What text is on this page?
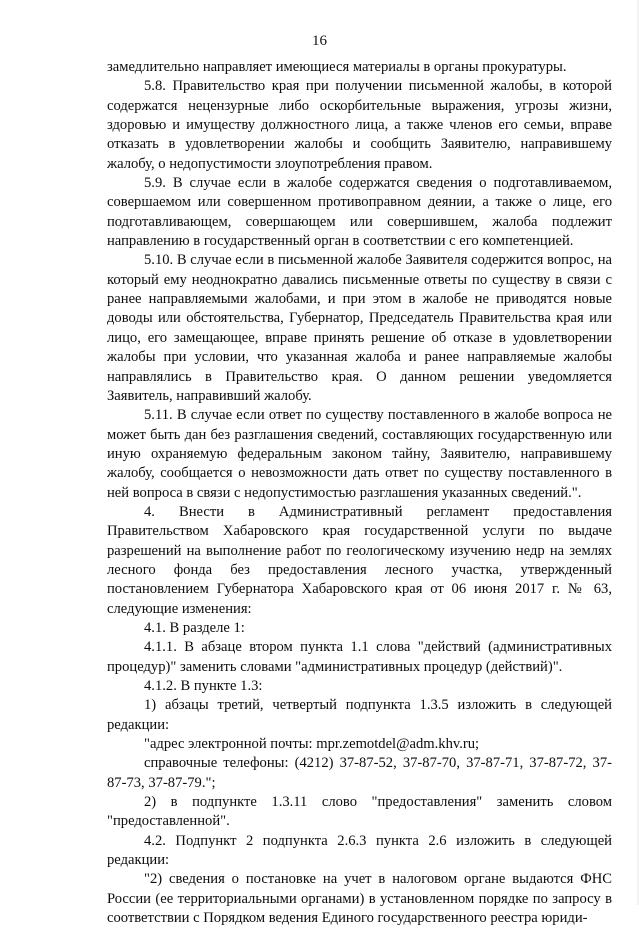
16

замедлительно направляет имеющиеся материалы в органы прокуратуры.

5.8. Правительство края при получении письменной жалобы, в которой содержатся нецензурные либо оскорбительные выражения, угрозы жизни, здоровью и имуществу должностного лица, а также членов его семьи, вправе отказать в удовлетворении жалобы и сообщить Заявителю, направившему жалобу, о недопустимости злоупотребления правом.

5.9. В случае если в жалобе содержатся сведения о подготавливаемом, совершаемом или совершенном противоправном деянии, а также о лице, его подготавливающем, совершающем или совершившем, жалоба подлежит направлению в государственный орган в соответствии с его компетенцией.

5.10. В случае если в письменной жалобе Заявителя содержится вопрос, на который ему неоднократно давались письменные ответы по существу в связи с ранее направляемыми жалобами, и при этом в жалобе не приводятся новые доводы или обстоятельства, Губернатор, Председатель Правительства края или лицо, его замещающее, вправе принять решение об отказе в удовлетворении жалобы при условии, что указанная жалоба и ранее направляемые жалобы направлялись в Правительство края. О данном решении уведомляется Заявитель, направивший жалобу.

5.11. В случае если ответ по существу поставленного в жалобе вопроса не может быть дан без разглашения сведений, составляющих государственную или иную охраняемую федеральным законом тайну, Заявителю, направившему жалобу, сообщается о невозможности дать ответ по существу поставленного в ней вопроса в связи с недопустимостью разглашения указанных сведений.".

4. Внести в Административный регламент предоставления Правительством Хабаровского края государственной услуги по выдаче разрешений на выполнение работ по геологическому изучению недр на землях лесного фонда без предоставления лесного участка, утвержденный постановлением Губернатора Хабаровского края от 06 июня 2017 г. № 63, следующие изменения:

4.1. В разделе 1:

4.1.1. В абзаце втором пункта 1.1 слова "действий (административных процедур)" заменить словами "административных процедур (действий)".

4.1.2. В пункте 1.3:

1) абзацы третий, четвертый подпункта 1.3.5 изложить в следующей редакции:

"адрес электронной почты: mpr.zemotdel@adm.khv.ru;

справочные телефоны: (4212) 37-87-52, 37-87-70, 37-87-71, 37-87-72, 37-87-73, 37-87-79.";

2) в подпункте 1.3.11 слово "предоставления" заменить словом "предоставленной".

4.2. Подпункт 2 подпункта 2.6.3 пункта 2.6 изложить в следующей редакции:

"2) сведения о постановке на учет в налоговом органе выдаются ФНС России (ее территориальными органами) в установленном порядке по запросу в соответствии с Порядком ведения Единого государственного реестра юриди-
